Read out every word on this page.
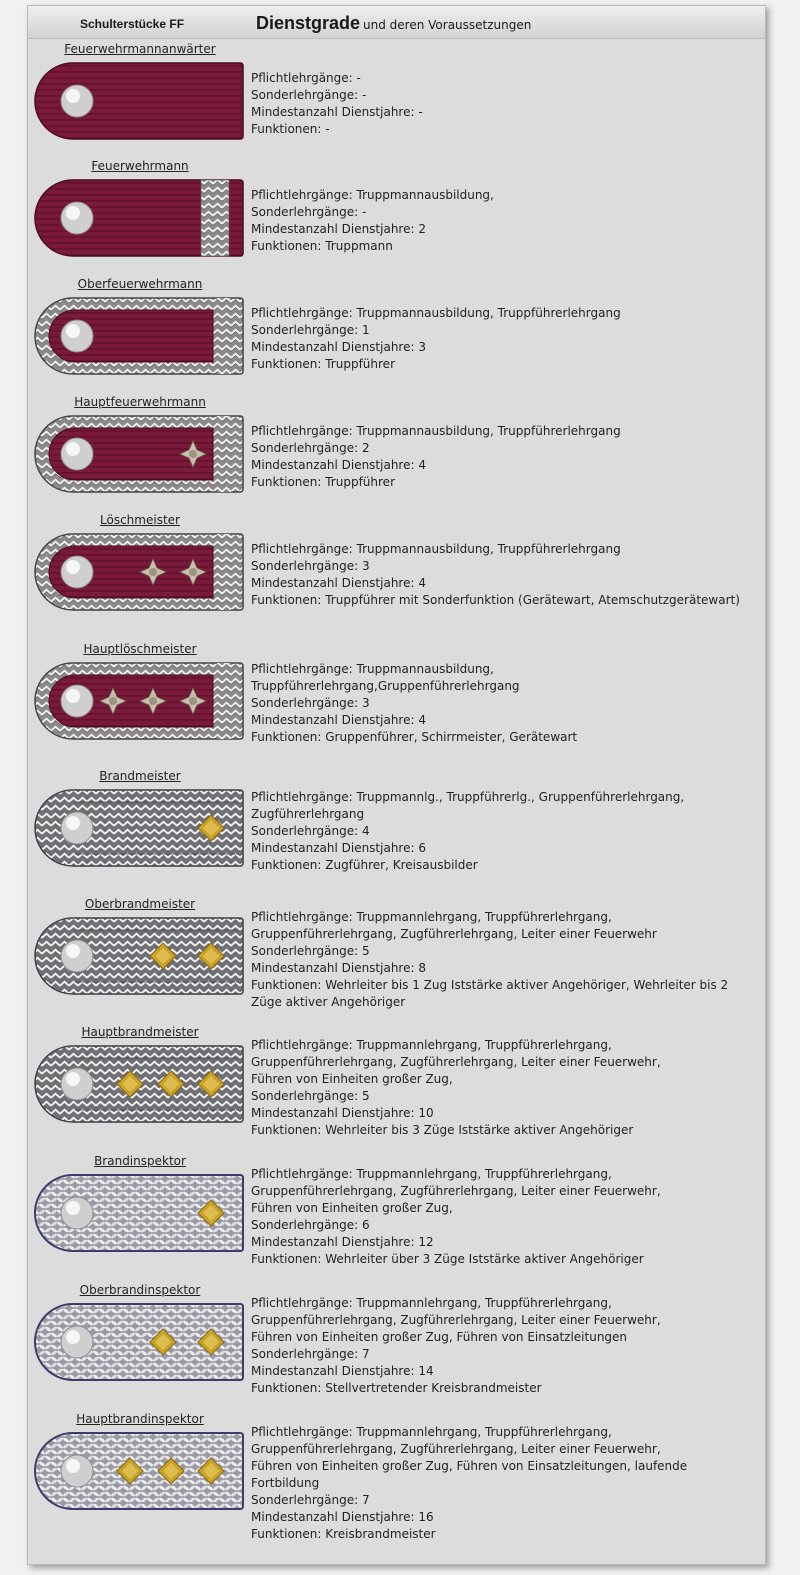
Schulterstücke FF	Dienstgrade und deren Voraussetzungen
Feuerwehrmannanwärter
Pflichtlehrgänge: -
Sonderlehrgänge: -
Mindestanzahl Dienstjahre: -
Funktionen: -
Feuerwehrmann
Pflichtlehrgänge: Truppmannausbildung,
Sonderlehrgänge: -
Mindestanzahl Dienstjahre: 2
Funktionen: Truppmann
Oberfeuerwehrmann
Pflichtlehrgänge: Truppmannausbildung, Truppführerlehrgang
Sonderlehrgänge: 1
Mindestanzahl Dienstjahre: 3
Funktionen: Truppführer
Hauptfeuerwehrmann
Pflichtlehrgänge: Truppmannausbildung, Truppführerlehrgang
Sonderlehrgänge: 2
Mindestanzahl Dienstjahre: 4
Funktionen: Truppführer
Löschmeister
Pflichtlehrgänge: Truppmannausbildung, Truppführerlehrgang
Sonderlehrgänge: 3
Mindestanzahl Dienstjahre: 4
Funktionen: Truppführer mit Sonderfunktion (Gerätewart, Atemschutzgerätewart)
Hauptlöschmeister
Pflichtlehrgänge: Truppmannausbildung,
Truppführerlehrgang,Gruppenführerlehrgang
Sonderlehrgänge: 3
Mindestanzahl Dienstjahre: 4
Funktionen: Gruppenführer, Schirrmeister, Gerätewart
Brandmeister
Pflichtlehrgänge: Truppmannlg., Truppführerlg., Gruppenführerlehrgang,
Zugführerlehrgang
Sonderlehrgänge: 4
Mindestanzahl Dienstjahre: 6
Funktionen: Zugführer, Kreisausbilder
Oberbrandmeister
Pflichtlehrgänge: Truppmannlehrgang, Truppführerlehrgang,
Gruppenführerlehrgang, Zugführerlehrgang, Leiter einer Feuerwehr
Sonderlehrgänge: 5
Mindestanzahl Dienstjahre: 8
Funktionen: Wehrleiter bis 1 Zug Iststärke aktiver Angehöriger, Wehrleiter bis 2 Züge aktiver Angehöriger
Hauptbrandmeister
Pflichtlehrgänge: Truppmannlehrgang, Truppführerlehrgang,
Gruppenführerlehrgang, Zugführerlehrgang, Leiter einer Feuerwehr,
Führen von Einheiten großer Zug,
Sonderlehrgänge: 5
Mindestanzahl Dienstjahre: 10
Funktionen: Wehrleiter bis 3 Züge Iststärke aktiver Angehöriger
Brandinspektor
Pflichtlehrgänge: Truppmannlehrgang, Truppführerlehrgang,
Gruppenführerlehrgang, Zugführerlehrgang, Leiter einer Feuerwehr,
Führen von Einheiten großer Zug,
Sonderlehrgänge: 6
Mindestanzahl Dienstjahre: 12
Funktionen: Wehrleiter über 3 Züge Iststärke aktiver Angehöriger
Oberbrandinspektor
Pflichtlehrgänge: Truppmannlehrgang, Truppführerlehrgang,
Gruppenführerlehrgang, Zugführerlehrgang, Leiter einer Feuerwehr,
Führen von Einheiten großer Zug, Führen von Einsatzleitungen
Sonderlehrgänge: 7
Mindestanzahl Dienstjahre: 14
Funktionen: Stellvertretender Kreisbrandmeister
Hauptbrandinspektor
Pflichtlehrgänge: Truppmannlehrgang, Truppführerlehrgang,
Gruppenführerlehrgang, Zugführerlehrgang, Leiter einer Feuerwehr,
Führen von Einheiten großer Zug, Führen von Einsatzleitungen, laufende
Fortbildung
Sonderlehrgänge: 7
Mindestanzahl Dienstjahre: 16
Funktionen: Kreisbrandmeister
